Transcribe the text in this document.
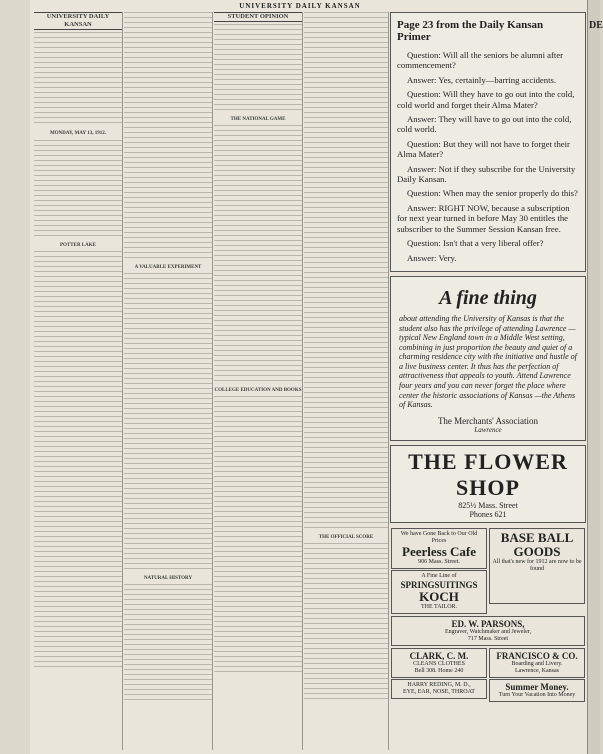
UNIVERSITY DAILY KANSAN
UNIVERSITY DAILY KANSAN
MONDAY, MAY 13, 1912.
POTTER LAKE
A VALUABLE EXPERIMENT
NATURAL HISTORY
STUDENT OPINION
THE NATIONAL GAME
COLLEGE EDUCATION AND BOOKS
THE OFFICIAL SCORE
Page 23 from the Daily Kansan Primer

Question: Will all the seniors be alumni after commencement?

Answer: Yes, certainly—barring accidents.

Question: Will they have to go out into the cold, cold world and forget their Alma Mater?

Answer: They will have to go out into the cold, cold world.

Question: But they will not have to forget their Alma Mater?

Answer: Not if they subscribe for the University Daily Kansan.

Question: When may the senior properly do this?

Answer: RIGHT NOW, because a subscription for next year turned in before May 30 entitles the subscriber to the Summer Session Kansan free.

Question: Isn't that a very liberal offer?

Answer: Very.

A fine thing
about attending the University of Kansas is that the student also has the privilege of attending Lawrence —typical New England town in a Middle West setting, combining in just proportion the beauty and quiet of a charming residence city with the initiative and hustle of a live business center. It thus has the perfection of attractiveness that appeals to youth. Attend Lawrence four years and you can never forget the place where center the historic associations of Kansas —the Athens of Kansas.
The Merchants' Association
Lawrence
THE FLOWER SHOP
825½ Mass. Street
Phones 621
We have Gone Back to Our Old Prices
Peerless Cafe
906 Mass. Street.
A Fine Line of
SPRINGSUITINGS
KOCH
THE TAILOR.
BASE BALL GOODS
All that's new for 1912 are now to be found
ED. W. PARSONS,
Engraver, Watchmaker and Jeweler,
717 Mass. Street
CLARK, C. M.
CLEANS CLOTHES
Bell 308. Home 240
HARRY REDING, M. D.,
EYE, EAR, NOSE, THROAT
FRANCISCO & CO.
Boarding and Livery.
Lawrence, Kansas
Summer Money.
Turn Your Vacation Into Money
DE
